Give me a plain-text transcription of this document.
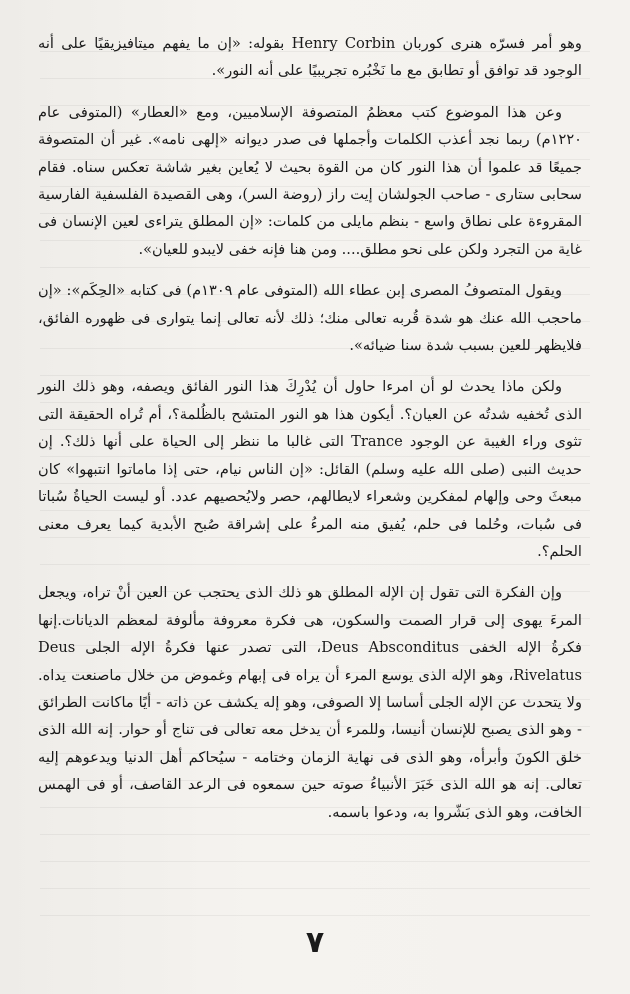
وهو أمر فسرّه هنرى كوربان Henry Corbin بقوله: «إن ما يفهم ميتافيزيقيًا على أنه الوجود قد توافق أو تطابق مع ما نَخْبُره تجريبيًا على أنه النور».

وعن هذا الموضوع كتب معظمُ المتصوفة الإسلاميين، ومع «العطار» (المتوفى عام ١٢٢٠م) ربما نجد أعذب الكلمات وأجملها فى صدر ديوانه «إلهى نامه». غير أن المتصوفة جميعًا قد علموا أن هذا النور كان من القوة بحيث لا يُعاين بغير شاشة تعكس سناه. فقام سحابى ستارى - صاحب الجولشان إيت راز (روضة السر)، وهى القصيدة الفلسفية الفارسية المقروءة على نطاق واسع - بنظم مايلى من كلمات: «إن المطلق يتراءى لعين الإنسان فى غاية من التجرد ولكن على نحو مطلق.... ومن هنا فإنه خفى لايبدو للعيان».

ويقول المتصوفُ المصرى إبن عطاء الله (المتوفى عام ١٣٠٩م) فى كتابه «الحِكَم»: «إن ماحجب الله عنك هو شدة قُربه تعالى منك؛ ذلك لأنه تعالى إنما يتوارى فى ظهوره الفائق، فلايظهر للعين بسبب شدة سنا ضيائه».

ولكن ماذا يحدث لو أن امرءا حاول أن يُدْرِكَ هذا النور الفائق ويصفه، وهو ذلك النور الذى تُخفيه شدتُه عن العيان؟. أيكون هذا هو النور المتشح بالظُلمة؟، أم تُراه الحقيقة التى تثوى وراء الغيبة عن الوجود Trance التى غالبا ما ننظر إلى الحياة على أنها ذلك؟. إن حديث النبى (صلى الله عليه وسلم) القائل: «إن الناس نيام، حتى إذا ماماتوا انتبهوا» كان مبعثَ وحى وإلهام لمفكرين وشعراء لايطالهم، حصر ولايُحصيهم عدد. أو ليست الحياةُ سُباتا فى سُبات، وحُلما فى حلم، يُفيق منه المرءُ على إشراقة صُبح الأبدية كيما يعرف معنى الحلم؟.

وإن الفكرة التى تقول إن الإله المطلق هو ذلك الذى يحتجب عن العين أنْ تراه، ويجعل المرءَ يهوى إلى قرار الصمت والسكون، هى فكرة معروفة مألوفة لمعظم الديانات.إنها فكرةُ الإله الخفى Deus Absconditus، التى تصدر عنها فكرةُ الإله الجلى Deus Rivelatus، وهو الإله الذى يوسع المرء أن يراه فى إبهام وغموض من خلال ماصنعت يداه. ولا يتحدث عن الإله الجلى أساسا إلا الصوفى، وهو إله يكشف عن ذاته - أيًا ماكانت الطرائق - وهو الذى يصبح للإنسان أنيسا، وللمرء أن يدخل معه تعالى فى تناج أو حوار. إنه الله الذى خلق الكونَ وأبرأه، وهو الذى فى نهاية الزمان وختامه - سيُحاكم أهل الدنيا ويدعوهم إليه تعالى. إنه هو الله الذى خَبَرَ الأنبياءُ صوته حين سمعوه فى الرعد القاصف، أو فى الهمس الخافت، وهو الذى بَشّروا به، ودعوا باسمه.

٧
